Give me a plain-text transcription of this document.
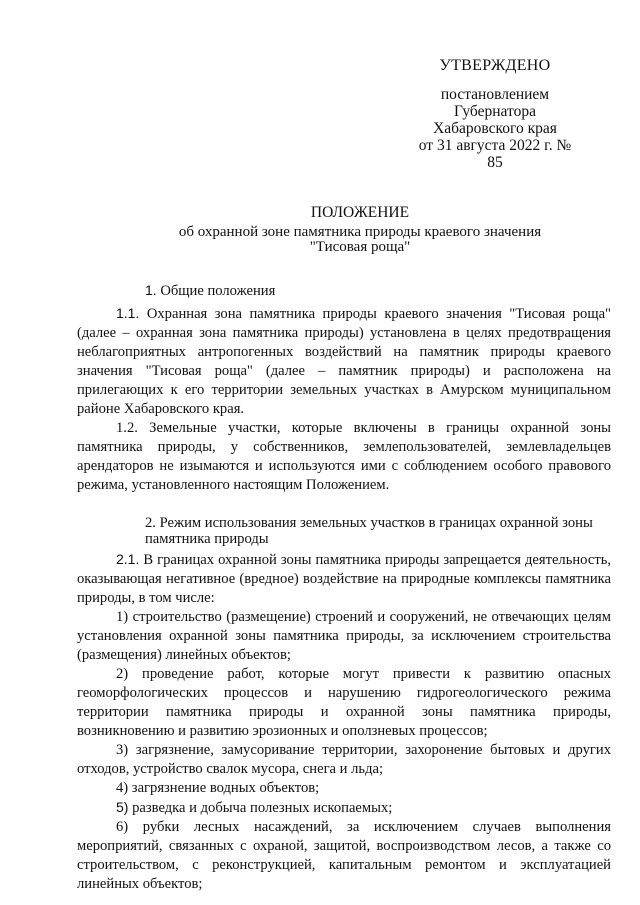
УТВЕРЖДЕНО
постановлением
Губернатора
Хабаровского края
от 31 августа 2022 г. № 85
ПОЛОЖЕНИЕ
об охранной зоне памятника природы краевого значения
"Тисовая роща"

1. Общие положения

1.1. Охранная зона памятника природы краевого значения "Тисовая роща" (далее – охранная зона памятника природы) установлена в целях предотвращения неблагоприятных антропогенных воздействий на памятник природы краевого значения "Тисовая роща" (далее – памятник природы) и расположена на прилегающих к его территории земельных участках в Амурском муниципальном районе Хабаровского края.

1.2. Земельные участки, которые включены в границы охранной зоны памятника природы, у собственников, землепользователей, землевладельцев арендаторов не изымаются и используются ими с соблюдением особого правового режима, установленного настоящим Положением.

2. Режим использования земельных участков в границах охранной зоны памятника природы

2.1. В границах охранной зоны памятника природы запрещается деятельность, оказывающая негативное (вредное) воздействие на природные комплексы памятника природы, в том числе:

1) строительство (размещение) строений и сооружений, не отвечающих целям установления охранной зоны памятника природы, за исключением строительства (размещения) линейных объектов;

2) проведение работ, которые могут привести к развитию опасных геоморфологических процессов и нарушению гидрогеологического режима территории памятника природы и охранной зоны памятника природы, возникновению и развитию эрозионных и оползневых процессов;

3) загрязнение, замусоривание территории, захоронение бытовых и других отходов, устройство свалок мусора, снега и льда;

4) загрязнение водных объектов;

5) разведка и добыча полезных ископаемых;

6) рубки лесных насаждений, за исключением случаев выполнения мероприятий, связанных с охраной, защитой, воспроизводством лесов, а также со строительством, с реконструкцией, капитальным ремонтом и эксплуатацией линейных объектов;
